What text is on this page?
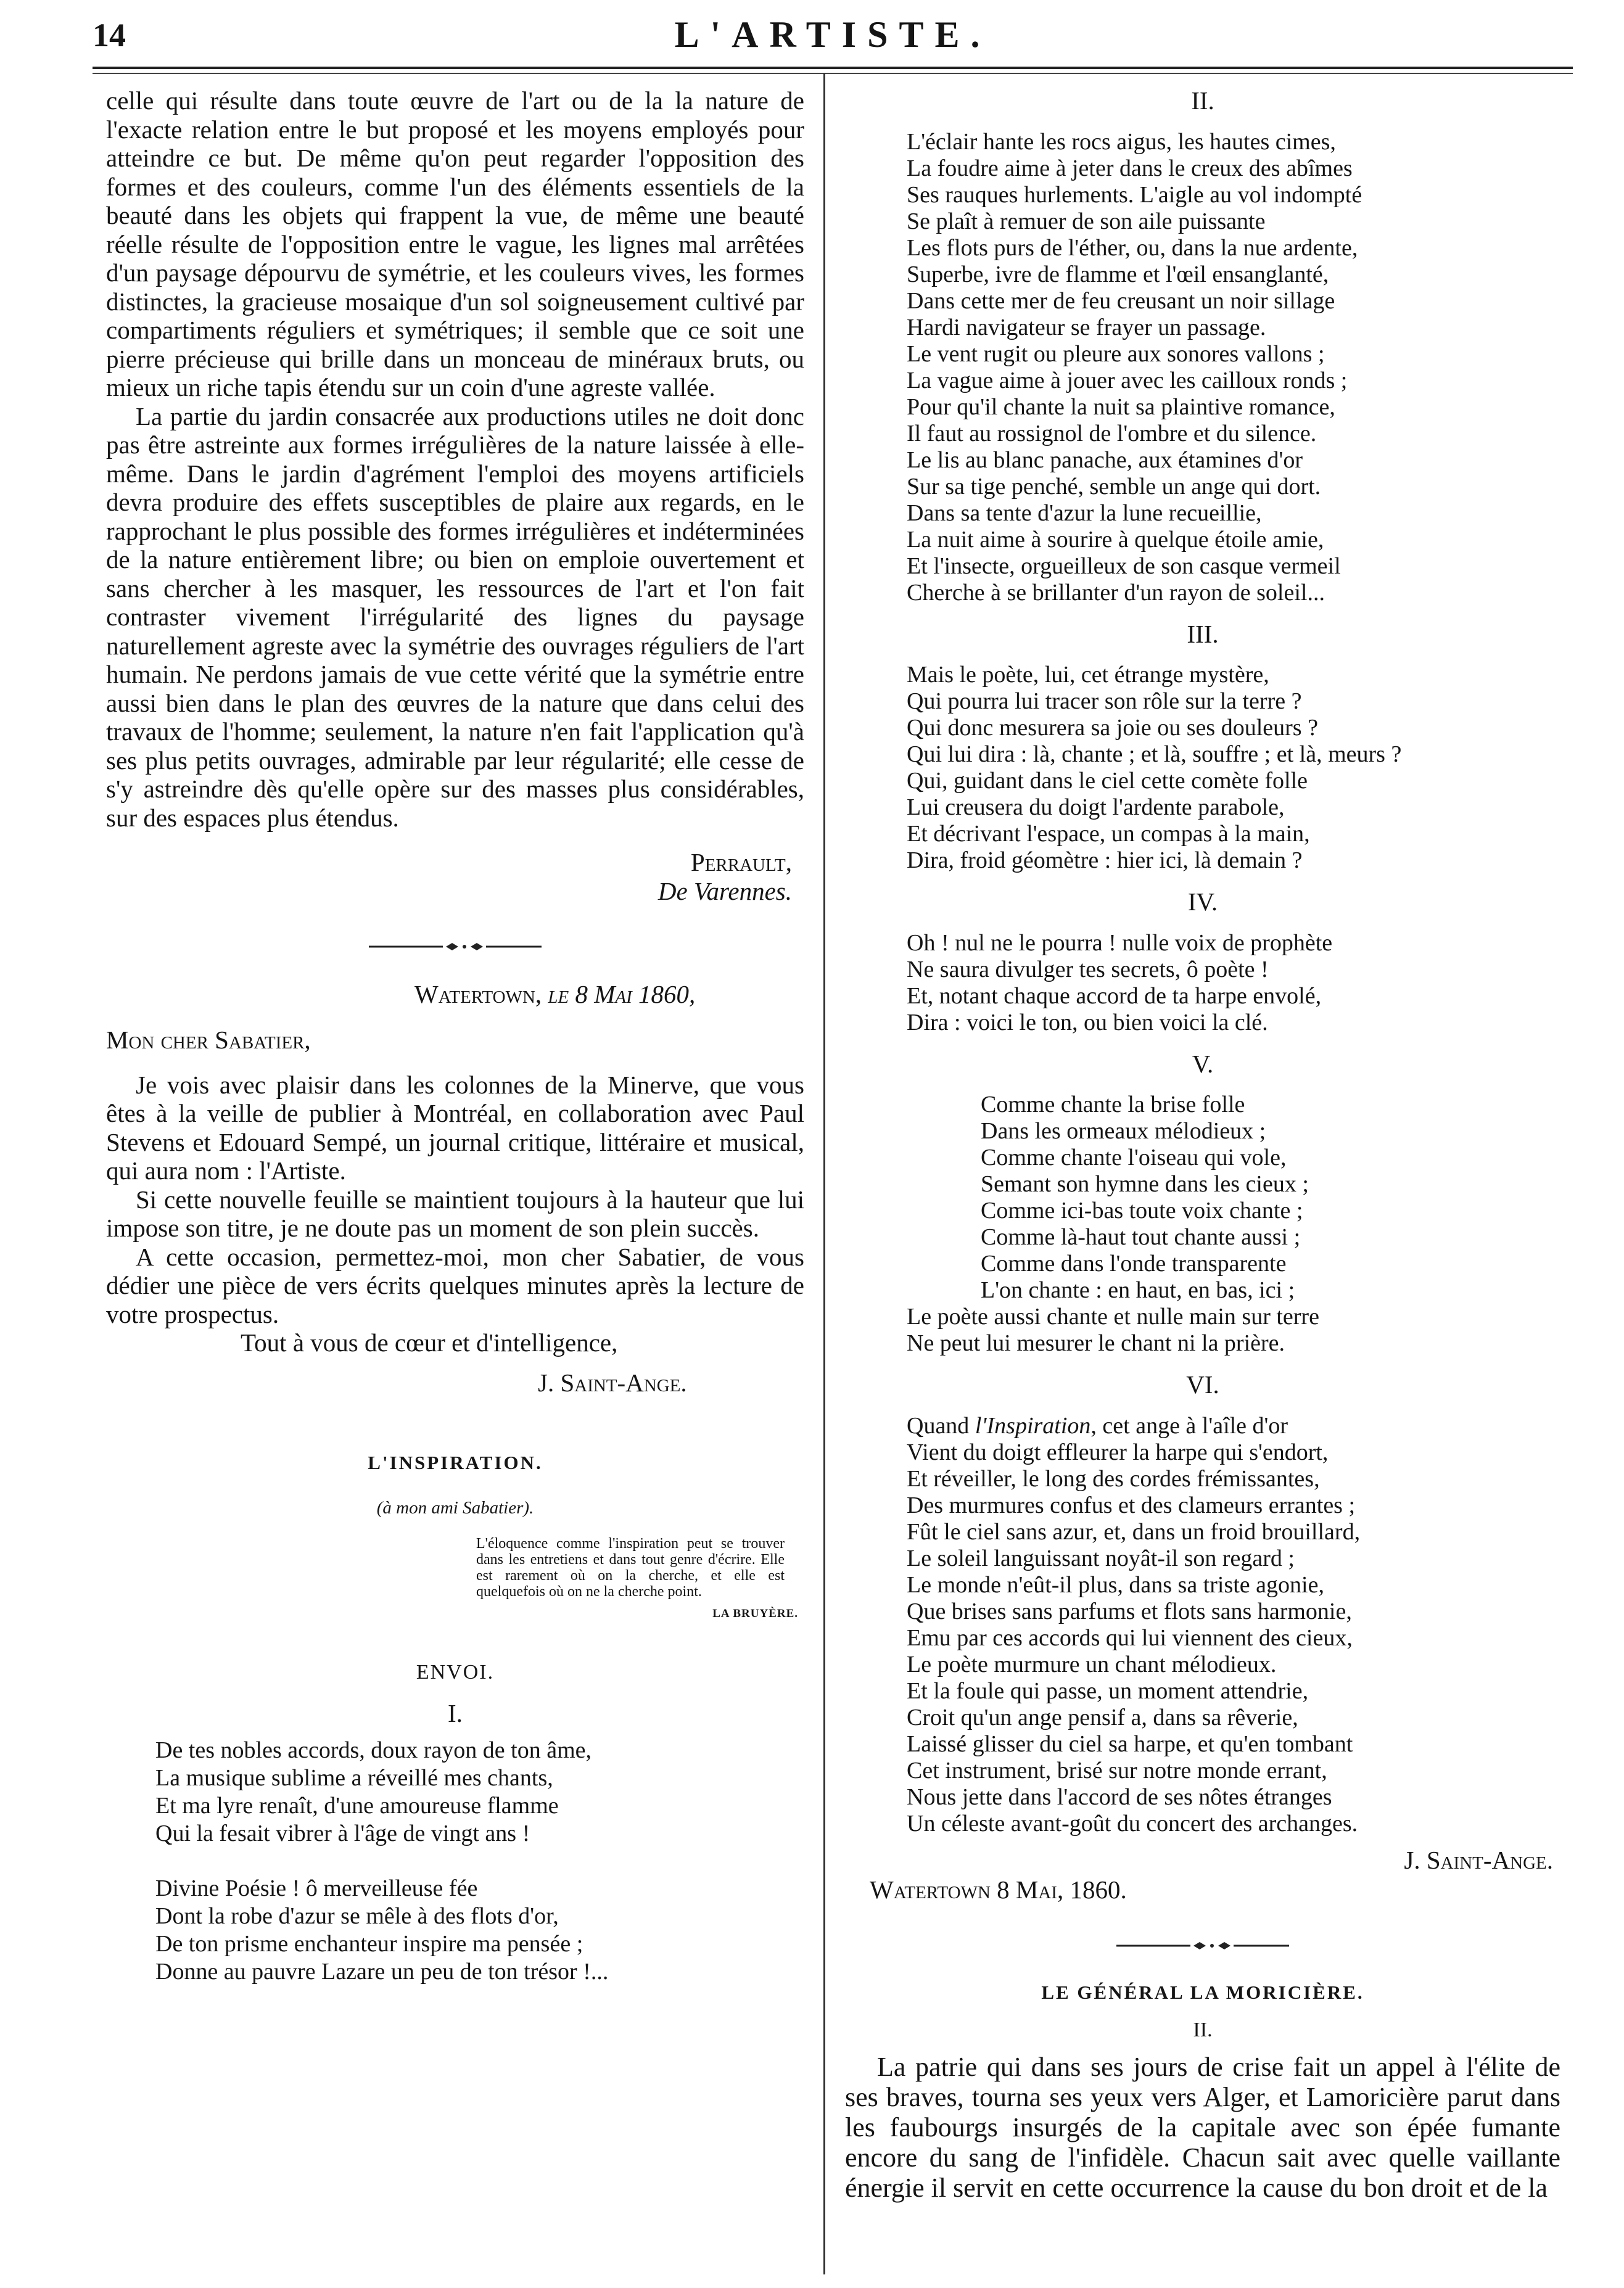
14	L'ARTISTE.

celle qui résulte dans toute œuvre de l'art ou de la la nature de l'exacte relation entre le but proposé et les moyens employés pour atteindre ce but. De même qu'on peut regarder l'opposition des formes et des couleurs, comme l'un des éléments essentiels de la beauté dans les objets qui frappent la vue, de même une beauté réelle résulte de l'opposition entre le vague, les lignes mal arrêtées d'un paysage dépourvu de symétrie, et les couleurs vives, les formes distinctes, la gracieuse mosaique d'un sol soigneusement cultivé par compartiments réguliers et symétriques; il semble que ce soit une pierre précieuse qui brille dans un monceau de minéraux bruts, ou mieux un riche tapis étendu sur un coin d'une agreste vallée.

La partie du jardin consacrée aux productions utiles ne doit donc pas être astreinte aux formes irrégulières de la nature laissée à elle-même. Dans le jardin d'agrément l'emploi des moyens artificiels devra produire des effets susceptibles de plaire aux regards, en le rapprochant le plus possible des formes irrégulières et indéterminées de la nature entièrement libre; ou bien on emploie ouvertement et sans chercher à les masquer, les ressources de l'art et l'on fait contraster vivement l'irrégularité des lignes du paysage naturellement agreste avec la symétrie des ouvrages réguliers de l'art humain. Ne perdons jamais de vue cette vérité que la symétrie entre aussi bien dans le plan des œuvres de la nature que dans celui des travaux de l'homme; seulement, la nature n'en fait l'application qu'à ses plus petits ouvrages, admirable par leur régularité; elle cesse de s'y astreindre dès qu'elle opère sur des masses plus considérables, sur des espaces plus étendus.

Perrault,

De Varennes.

Watertown, le 8 Mai 1860,

Mon cher Sabatier,

Je vois avec plaisir dans les colonnes de la Minerve, que vous êtes à la veille de publier à Montréal, en collaboration avec Paul Stevens et Edouard Sempé, un journal critique, littéraire et musical, qui aura nom : l'Artiste.

Si cette nouvelle feuille se maintient toujours à la hauteur que lui impose son titre, je ne doute pas un moment de son plein succès.

A cette occasion, permettez-moi, mon cher Sabatier, de vous dédier une pièce de vers écrits quelques minutes après la lecture de votre prospectus.

Tout à vous de cœur et d'intelligence,

J. Saint-Ange.

L'INSPIRATION.

(à mon ami Sabatier).

L'éloquence comme l'inspiration peut se trouver dans les entretiens et dans tout genre d'écrire. Elle est rarement où on la cherche, et elle est quelquefois où on ne la cherche point.

LA BRUYÈRE.

ENVOI.

I.

De tes nobles accords, doux rayon de ton âme,

La musique sublime a réveillé mes chants,

Et ma lyre renaît, d'une amoureuse flamme

Qui la fesait vibrer à l'âge de vingt ans !

Divine Poésie ! ô merveilleuse fée

Dont la robe d'azur se mêle à des flots d'or,

De ton prisme enchanteur inspire ma pensée ;

Donne au pauvre Lazare un peu de ton trésor !...

II.

L'éclair hante les rocs aigus, les hautes cimes,

La foudre aime à jeter dans le creux des abîmes

Ses rauques hurlements. L'aigle au vol indompté

Se plaît à remuer de son aile puissante

Les flots purs de l'éther, ou, dans la nue ardente,

Superbe, ivre de flamme et l'œil ensanglanté,

Dans cette mer de feu creusant un noir sillage

Hardi navigateur se frayer un passage.

Le vent rugit ou pleure aux sonores vallons ;

La vague aime à jouer avec les cailloux ronds ;

Pour qu'il chante la nuit sa plaintive romance,

Il faut au rossignol de l'ombre et du silence.

Le lis au blanc panache, aux étamines d'or

Sur sa tige penché, semble un ange qui dort.

Dans sa tente d'azur la lune recueillie,

La nuit aime à sourire à quelque étoile amie,

Et l'insecte, orgueilleux de son casque vermeil

Cherche à se brillanter d'un rayon de soleil...

III.

Mais le poète, lui, cet étrange mystère,

Qui pourra lui tracer son rôle sur la terre ?

Qui donc mesurera sa joie ou ses douleurs ?

Qui lui dira : là, chante ; et là, souffre ; et là, meurs ?

Qui, guidant dans le ciel cette comète folle

Lui creusera du doigt l'ardente parabole,

Et décrivant l'espace, un compas à la main,

Dira, froid géomètre : hier ici, là demain ?

IV.

Oh ! nul ne le pourra ! nulle voix de prophète

Ne saura divulger tes secrets, ô poète !

Et, notant chaque accord de ta harpe envolé,

Dira : voici le ton, ou bien voici la clé.

V.

Comme chante la brise folle

Dans les ormeaux mélodieux ;

Comme chante l'oiseau qui vole,

Semant son hymne dans les cieux ;

Comme ici-bas toute voix chante ;

Comme là-haut tout chante aussi ;

Comme dans l'onde transparente

L'on chante : en haut, en bas, ici ;

Le poète aussi chante et nulle main sur terre

Ne peut lui mesurer le chant ni la prière.

VI.

Quand l'Inspiration, cet ange à l'aîle d'or

Vient du doigt effleurer la harpe qui s'endort,

Et réveiller, le long des cordes frémissantes,

Des murmures confus et des clameurs errantes ;

Fût le ciel sans azur, et, dans un froid brouillard,

Le soleil languissant noyât-il son regard ;

Le monde n'eût-il plus, dans sa triste agonie,

Que brises sans parfums et flots sans harmonie,

Emu par ces accords qui lui viennent des cieux,

Le poète murmure un chant mélodieux.

Et la foule qui passe, un moment attendrie,

Croit qu'un ange pensif a, dans sa rêverie,

Laissé glisser du ciel sa harpe, et qu'en tombant

Cet instrument, brisé sur notre monde errant,

Nous jette dans l'accord de ses nôtes étranges

Un céleste avant-goût du concert des archanges.

J. Saint-Ange.

Watertown 8 Mai, 1860.

LE GÉNÉRAL LA MORICIÈRE.

II.

La patrie qui dans ses jours de crise fait un appel à l'élite de ses braves, tourna ses yeux vers Alger, et Lamoricière parut dans les faubourgs insurgés de la capitale avec son épée fumante encore du sang de l'infidèle. Chacun sait avec quelle vaillante énergie il servit en cette occurrence la cause du bon droit et de la
